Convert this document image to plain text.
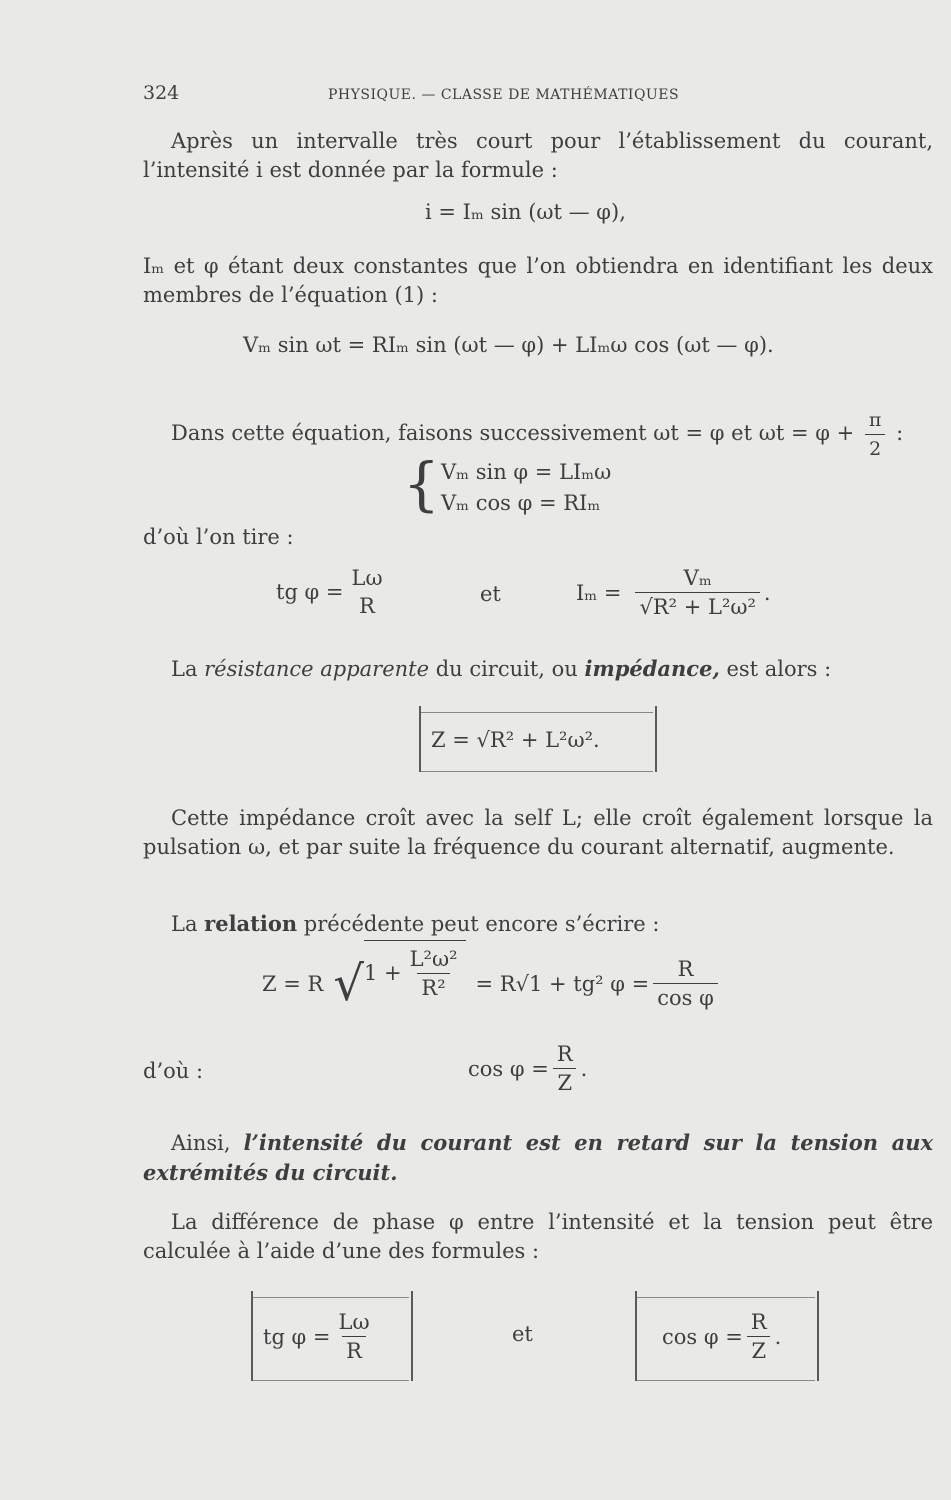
324	PHYSIQUE. — CLASSE DE MATHÉMATIQUES
Après un intervalle très court pour l’établissement du courant, l’intensité i est donnée par la formule :
i = Iₘ sin (ωt — φ),
Iₘ et φ étant deux constantes que l’on obtiendra en identifiant les deux membres de l’équation (1) :
Vₘ sin ωt = RIₘ sin (ωt — φ) + LIₘω cos (ωt — φ).
Dans cette équation, faisons successivement ωt = φ et $\omega t = \varphi + \frac{\pi}{2}$ :
{ Vₘ sin φ = LIₘω
Vₘ cos φ = RIₘ
d’où l’on tire :
tg φ =
Lω
R	et	$I_m = \frac{\text{Vₘ}}{\text{√R² + L²ω²}}$ .
La résistance apparente du circuit, ou impédance, est alors :
Z = √R² + L²ω².
Cette impédance croît avec la self L; elle croît également lorsque la pulsation ω, et par suite la fréquence du courant alternatif, augmente.
La relation précédente peut encore s’écrire :
Z = R √ $1 + \frac{\text{L²ω²}}{\text{R²}} = R√1 + tg^2$ $\varphi = \frac{R}{\text{cos φ}}$
d’où :	$\cos \varphi = \frac{R}{Z}$ .
Ainsi, l’intensité du courant est en retard sur la tension aux extrémités du circuit.
La différence de phase φ entre l’intensité et la tension peut être calculée à l’aide d’une des formules :
tg $\varphi = \frac{L\omega}{R}$	et	$\cos \varphi = \frac{R}{Z}$ .
